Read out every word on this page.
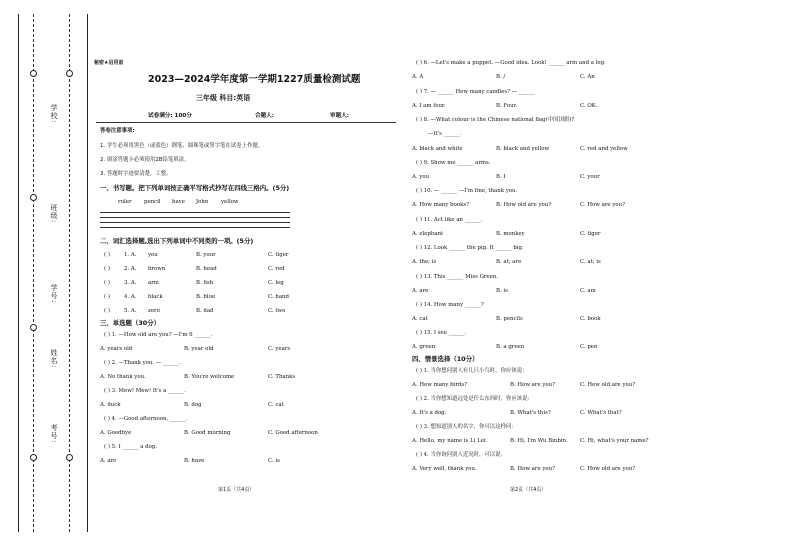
学校:
班级:
学号:
姓名:
考号:
秘密★启用前
2023—2024学年度第一学期1227质量检测试题
三年级 科目:英语
试卷满分: 100分	合题人:	审题人:
答卷注意事项:
1. 学生必须用黑色（或蓝色）钢笔、圆珠笔或签字笔在试卷上作题。
2. 填涂答题卡必须使用2B铅笔填涂。
3. 答题时字迹要清楚，工整。
一、书写题。把下列单词按正确平写格式抄写在四线三格内。(5分)
ruler pencil have John yellow
二、词汇选择题,选出下列单词中不同类的一项。(5分)
( )	1. A. you	B. your	C. tiger
( )	2. A. brown	B. head	C. red
( )	3. A. arm	B. fish	C. leg
( )	4. A. black	B. blue	C. hand
( )	5. A. zero	B. dad	C. two
三、单选题（30分）
( ) 1. —How old are you? —I'm 6 ______.
A. years old	B. year old	C. years
( ) 2. —Thank you. — ______.
A. No thank you.	B. You're welcome	C. Thanks
( ) 3. Mew! Mew! It's a ______.
A. duck	B. dog	C. cat
( ) 4. —Good afternoon, ______.
A. Goodbye	B. Good morning	C. Good afternoon
( ) 5. I ______ a dog.
A. are	B. have	C. is
第1页（共4页）
( ) 6. —Let's make a puppet. —Good idea. Look! ______ arm and a leg.
A. A	B. /	C. An
( ) 7. — ______ How many candles? — ______
A. I am four.	B. Four.	C. OK.
( ) 8. —What colour is the Chinese national flag(中国国旗)?
—It's ______.
A. black and white	B. black and yellow	C. red and yellow
( ) 9. Show me ______ arms.
A. you	B. I	C. your
( ) 10. — ______ —I'm fine, thank you.
A. How many books?	B. How old are you?	C. How are you?
( ) 11. Act like an ______.
A. elephant	B. monkey	C. tiger
( ) 12. Look ______ the pig. It ______ big.
A. the; is	B. at; are	C. at; is
( ) 13. This ______ Miss Green.
A. are	B. is	C. am
( ) 14. How many ______?
A. cat	B. pencils	C. book
( ) 15. I see ______.
A. green	B. a green	C. pen
四、情景选择（10分）
( ) 1. 当你想问别人有几只小鸟时，你应该说：
A. How many birds?	B. How are you?	C. How old are you?
( ) 2. 当你想知道远处是什么东西时，你应该说：
A. It's a dog.	B. What's this?	C. What's that?
( ) 3. 想知道别人的名字，你可以这样问：
A. Hello, my name is Li Lei.	B. Hi, I'm Wu Binbin. C. Hi, what's your name?
( ) 4. 当你询问别人近况时，可以说：
A. Very well, thank you.	B. How are you?	C. How old are you?
第2页（共4页）
